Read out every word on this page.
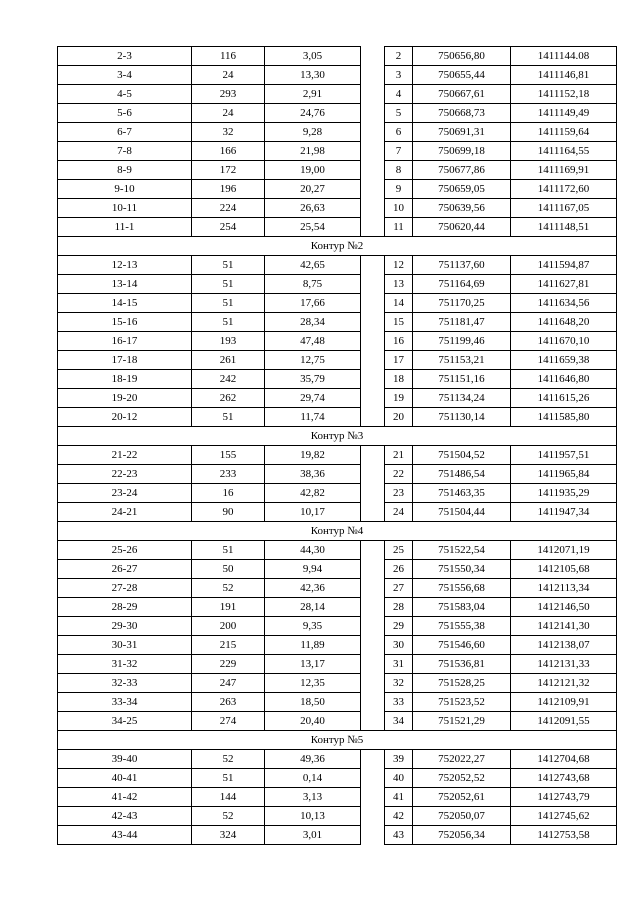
2-3	116	3,05		2	750656,80	1411144.08
3-4	24	13,30		3	750655,44	1411146,81
4-5	293	2,91		4	750667,61	1411152,18
5-6	24	24,76		5	750668,73	1411149,49
6-7	32	9,28		6	750691,31	1411159,64
7-8	166	21,98		7	750699,18	1411164,55
8-9	172	19,00		8	750677,86	1411169,91
9-10	196	20,27		9	750659,05	1411172,60
10-11	224	26,63		10	750639,56	1411167,05
11-1	254	25,54		11	750620,44	1411148,51
Контур №2						
12-13	51	42,65		12	751137,60	1411594,87
13-14	51	8,75		13	751164,69	1411627,81
14-15	51	17,66		14	751170,25	1411634,56
15-16	51	28,34		15	751181,47	1411648,20
16-17	193	47,48		16	751199,46	1411670,10
17-18	261	12,75		17	751153,21	1411659,38
18-19	242	35,79		18	751151,16	1411646,80
19-20	262	29,74		19	751134,24	1411615,26
20-12	51	11,74		20	751130,14	1411585,80
Контур №3						
21-22	155	19,82		21	751504,52	1411957,51
22-23	233	38,36		22	751486,54	1411965,84
23-24	16	42,82		23	751463,35	1411935,29
24-21	90	10,17		24	751504,44	1411947,34
Контур №4						
25-26	51	44,30		25	751522,54	1412071,19
26-27	50	9,94		26	751550,34	1412105,68
27-28	52	42,36		27	751556,68	1412113,34
28-29	191	28,14		28	751583,04	1412146,50
29-30	200	9,35		29	751555,38	1412141,30
30-31	215	11,89		30	751546,60	1412138,07
31-32	229	13,17		31	751536,81	1412131,33
32-33	247	12,35		32	751528,25	1412121,32
33-34	263	18,50		33	751523,52	1412109,91
34-25	274	20,40		34	751521,29	1412091,55
Контур №5						
39-40	52	49,36		39	752022,27	1412704,68
40-41	51	0,14		40	752052,52	1412743,68
41-42	144	3,13		41	752052,61	1412743,79
42-43	52	10,13		42	752050,07	1412745,62
43-44	324	3,01		43	752056,34	1412753,58
